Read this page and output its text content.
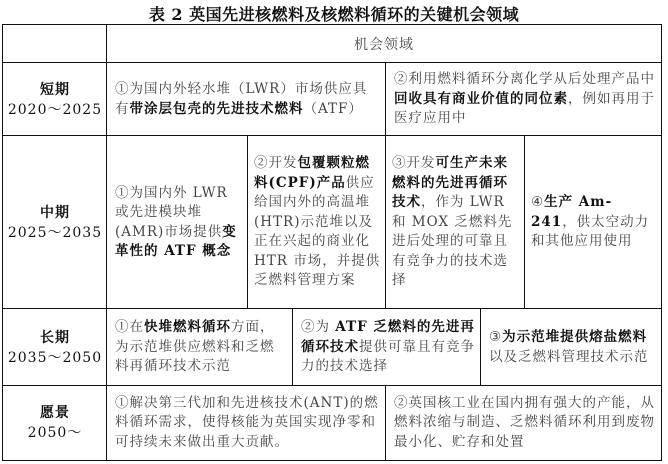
表 2 英国先进核燃料及核燃料循环的关键机会领域
机会领域
短期
2020～2025
①为国内外轻水堆（LWR）市场供应具有带涂层包壳的先进技术燃料（ATF）
②利用燃料循环分离化学从后处理产品中回收具有商业价值的同位素，例如再用于医疗应用中
中期
2025～2035
①为国内外 LWR 或先进模块堆(AMR)市场提供变革性的 ATF 概念
②开发包覆颗粒燃料(CPF)产品供应给国内外的高温堆(HTR)示范堆以及正在兴起的商业化 HTR 市场，并提供乏燃料管理方案
③开发可生产未来燃料的先进再循环技术，作为 LWR 和 MOX 乏燃料先进后处理的可靠且有竞争力的技术选择
④生产 Am-241，供太空动力和其他应用使用
长期
2035～2050
①在快堆燃料循环方面，为示范堆供应燃料和乏燃料再循环技术示范
②为 ATF 乏燃料的先进再循环技术提供可靠且有竞争力的技术选择
③为示范堆提供熔盐燃料以及乏燃料管理技术示范
愿景
2050～
①解决第三代加和先进核技术(ANT)的燃料循环需求，使得核能为英国实现净零和可持续未来做出重大贡献。
②英国核工业在国内拥有强大的产能，从燃料浓缩与制造、乏燃料循环利用到废物最小化、贮存和处置
